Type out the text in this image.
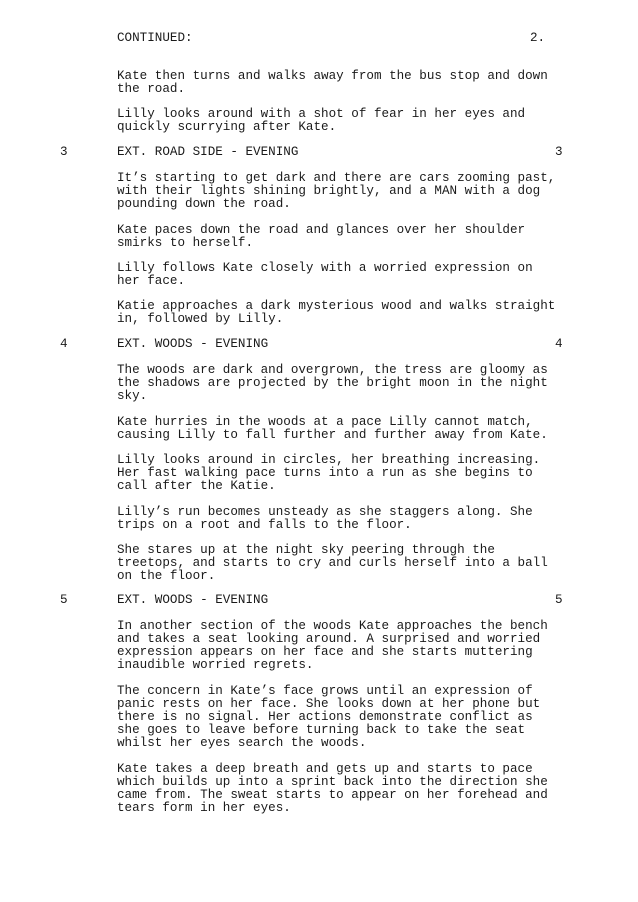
CONTINUED:	2.
Kate then turns and walks away from the bus stop and down
the road.
Lilly looks around with a shot of fear in her eyes and
quickly scurrying after Kate.
3	EXT. ROAD SIDE - EVENING	3
It’s starting to get dark and there are cars zooming past,
with their lights shining brightly, and a MAN with a dog
pounding down the road.
Kate paces down the road and glances over her shoulder
smirks to herself.
Lilly follows Kate closely with a worried expression on
her face.
Katie approaches a dark mysterious wood and walks straight
in, followed by Lilly.
4	EXT. WOODS - EVENING	4
The woods are dark and overgrown, the tress are gloomy as
the shadows are projected by the bright moon in the night
sky.
Kate hurries in the woods at a pace Lilly cannot match,
causing Lilly to fall further and further away from Kate.
Lilly looks around in circles, her breathing increasing.
Her fast walking pace turns into a run as she begins to
call after the Katie.
Lilly’s run becomes unsteady as she staggers along. She
trips on a root and falls to the floor.
She stares up at the night sky peering through the
treetops, and starts to cry and curls herself into a ball
on the floor.
5	EXT. WOODS - EVENING	5
In another section of the woods Kate approaches the bench
and takes a seat looking around. A surprised and worried
expression appears on her face and she starts muttering
inaudible worried regrets.
The concern in Kate’s face grows until an expression of
panic rests on her face. She looks down at her phone but
there is no signal. Her actions demonstrate conflict as
she goes to leave before turning back to take the seat
whilst her eyes search the woods.
Kate takes a deep breath and gets up and starts to pace
which builds up into a sprint back into the direction she
came from. The sweat starts to appear on her forehead and
tears form in her eyes.
